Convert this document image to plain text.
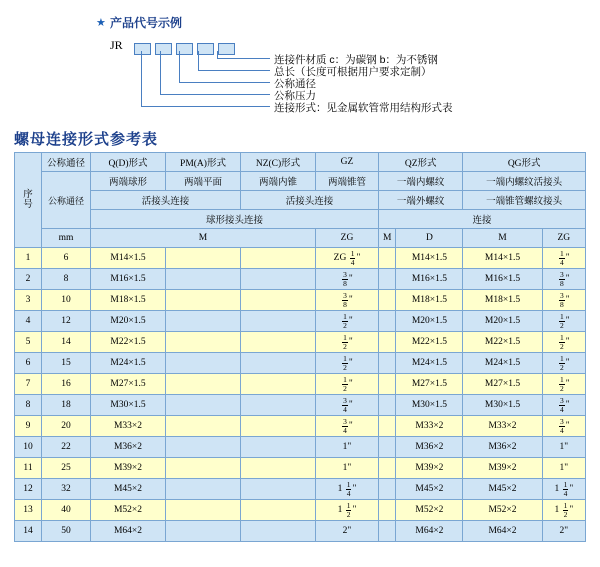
★ 产品代号示例
JR
连接件材质 c：为碳钢 b：为不锈钢
总长（长度可根据用户要求定制）
公称通径
公称压力
连接形式：见金属软管常用结构形式表
螺母连接形式参考表
序号	公称通径	Q(D)形式	PM(A)形式	NZ(C)形式	GZ	QZ形式		QG形式	
	公称通径	两端球形	两端平面	两端内锥	两端锥管	一端内螺纹		一端内螺纹活接头	
		活接头连接		活接头连接		一端外螺纹		一端锥管螺纹接头	
		球形接头连接				连接			
	mm	M			ZG	M	D	M	ZG
1	6	M14×1.5			ZG $\frac{1}{4}$ "		M14×1.5	M14×1.5	$\frac{1}{4}$ "
2	8	M16×1.5			$\frac{3}{8}$ "		M16×1.5	M16×1.5	$\frac{3}{8}$ "
3	10	M18×1.5			$\frac{3}{8}$ "		M18×1.5	M18×1.5	$\frac{3}{8}$ "
4	12	M20×1.5			$\frac{1}{2}$ "		M20×1.5	M20×1.5	$\frac{1}{2}$ "
5	14	M22×1.5			$\frac{1}{2}$ "		M22×1.5	M22×1.5	$\frac{1}{2}$ "
6	15	M24×1.5			$\frac{1}{2}$ "		M24×1.5	M24×1.5	$\frac{1}{2}$ "
7	16	M27×1.5			$\frac{1}{2}$ "		M27×1.5	M27×1.5	$\frac{1}{2}$ "
8	18	M30×1.5			$\frac{3}{4}$ "		M30×1.5	M30×1.5	$\frac{3}{4}$ "
9	20	M33×2			$\frac{3}{4}$ "		M33×2	M33×2	$\frac{3}{4}$ "
10	22	M36×2			1"		M36×2	M36×2	1"
11	25	M39×2			1"		M39×2	M39×2	1"
12	32	M45×2			$1 \frac{1}{4}$ "		M45×2	M45×2	$1 \frac{1}{4}$ "
13	40	M52×2			$1 \frac{1}{2}$ "		M52×2	M52×2	$1 \frac{1}{2}$ "
14	50	M64×2			2"		M64×2	M64×2	2"
